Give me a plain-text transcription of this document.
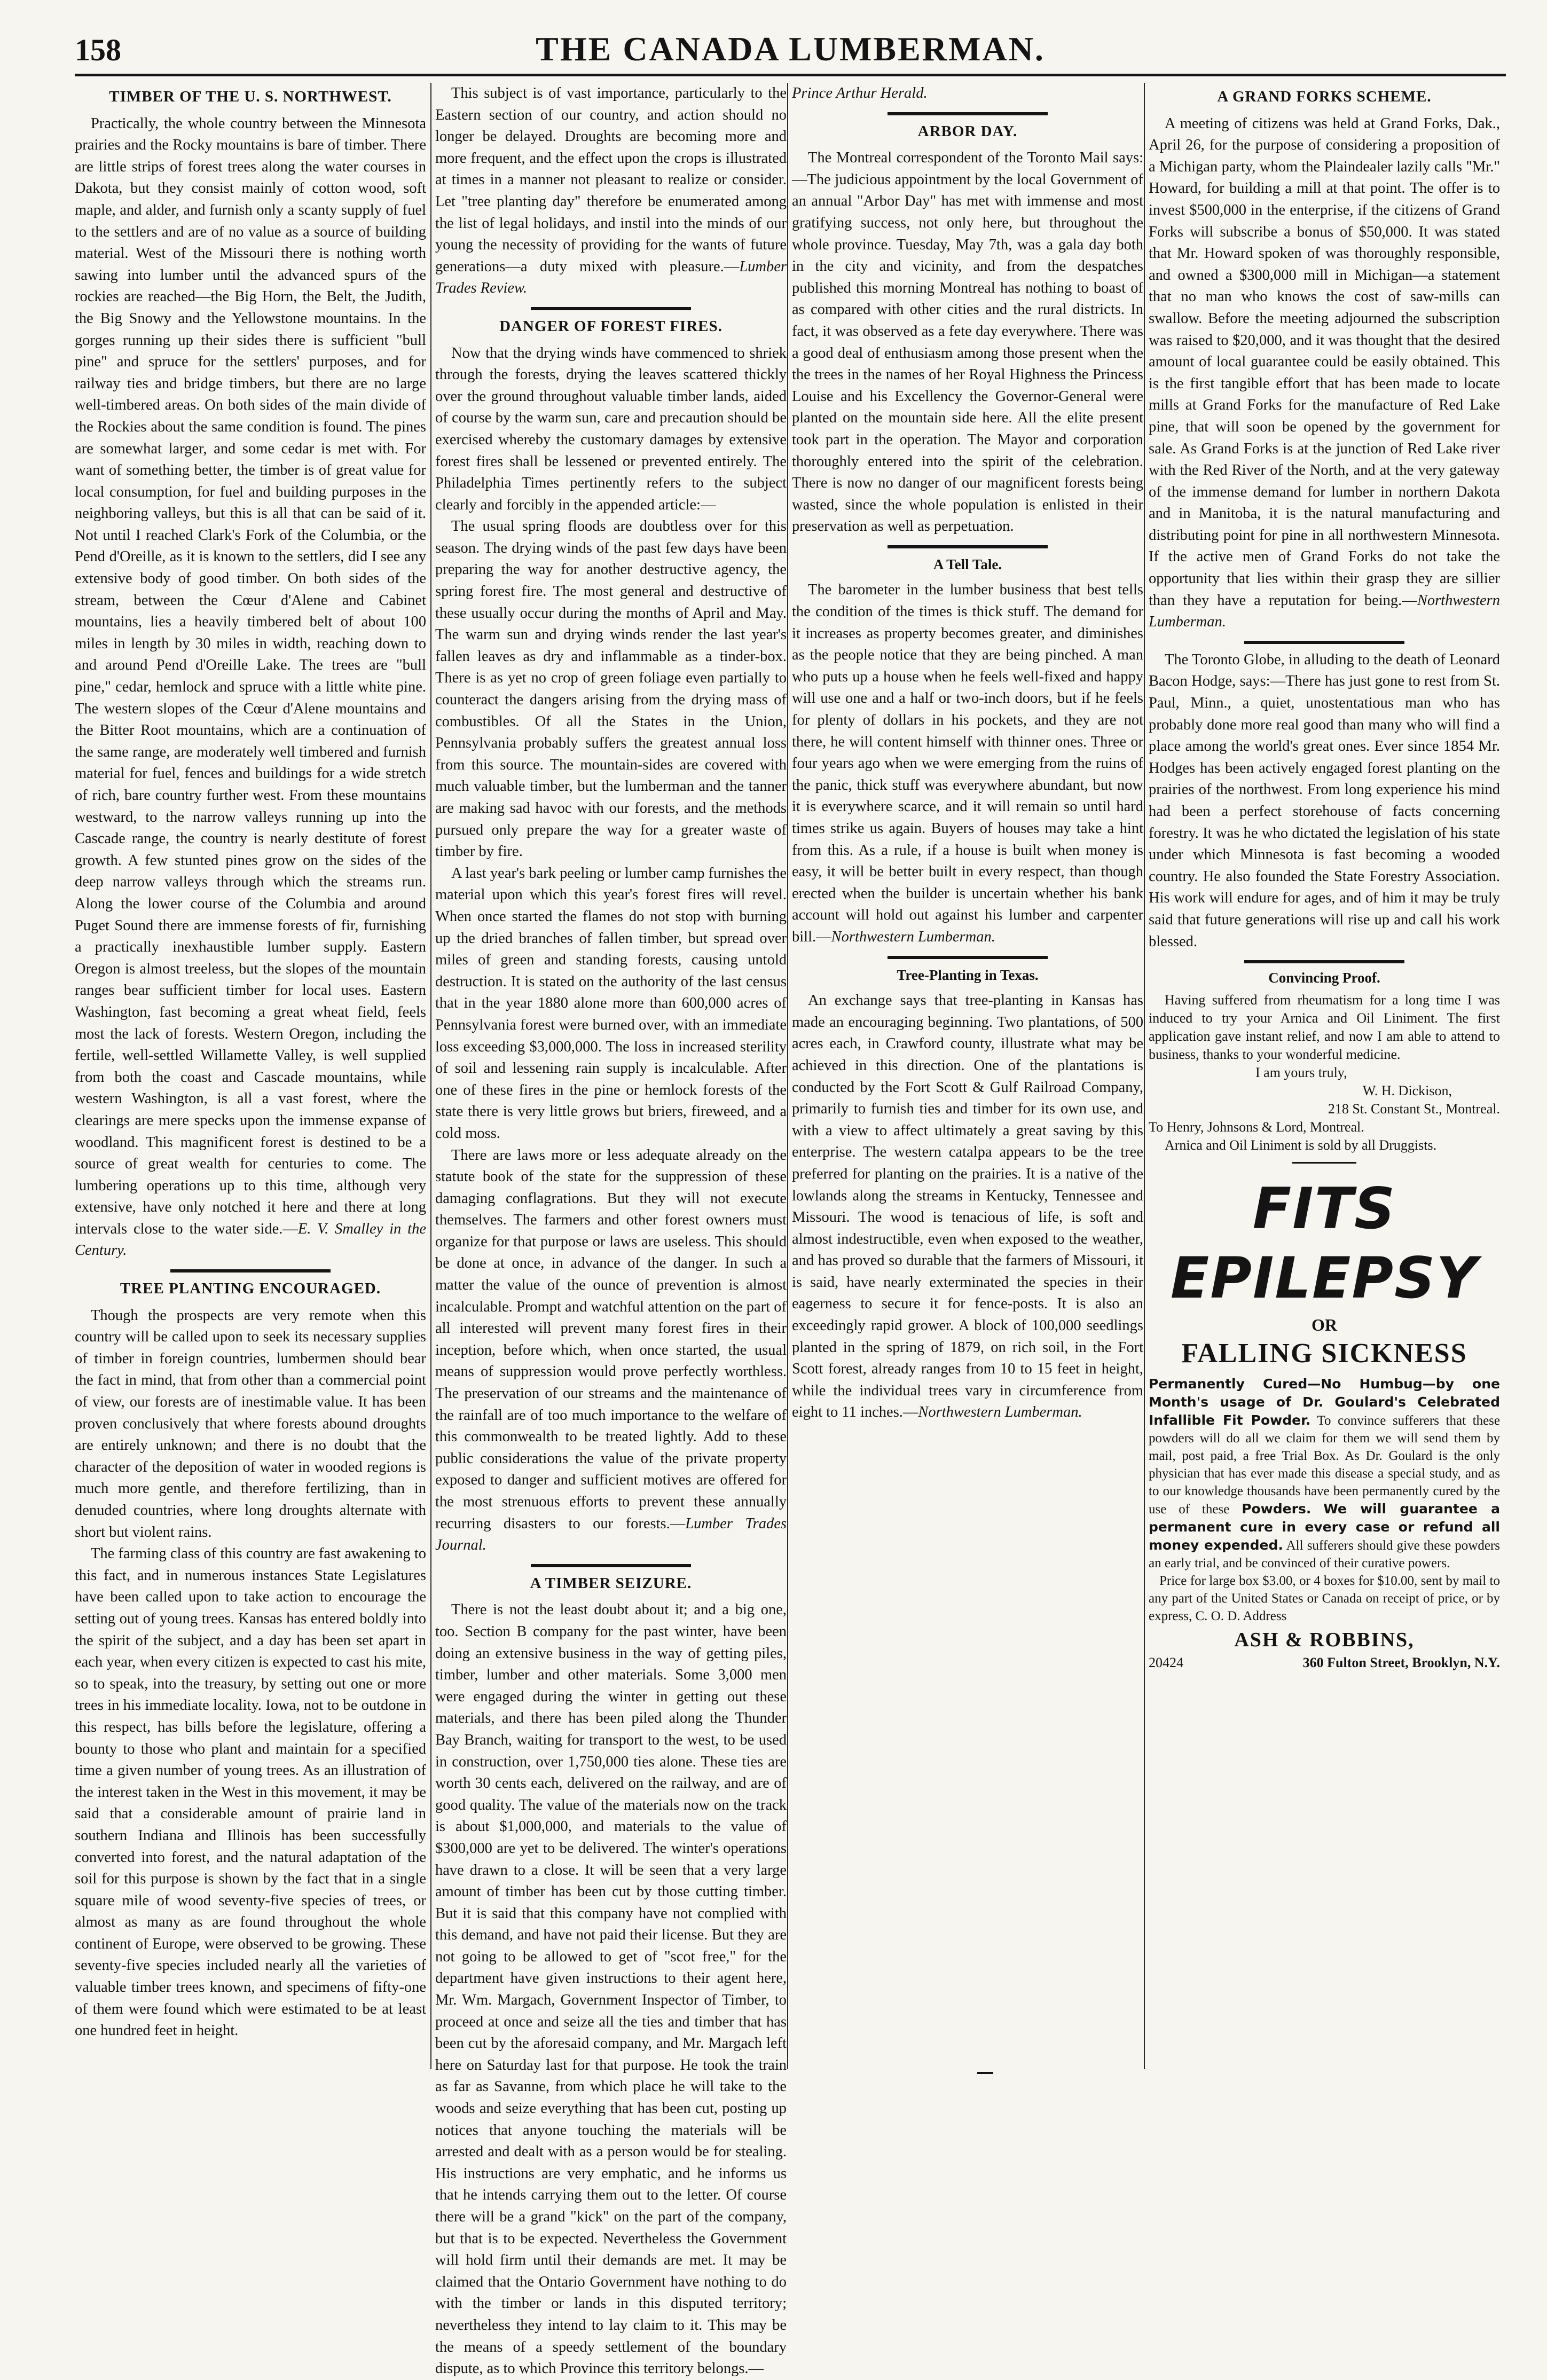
158	THE CANADA LUMBERMAN.
TIMBER OF THE U. S. NORTHWEST.

Practically, the whole country between the Minnesota prairies and the Rocky mountains is bare of timber. There are little strips of forest trees along the water courses in Dakota, but they consist mainly of cotton wood, soft maple, and alder, and furnish only a scanty supply of fuel to the settlers and are of no value as a source of building material. West of the Missouri there is nothing worth sawing into lumber until the advanced spurs of the rockies are reached—the Big Horn, the Belt, the Judith, the Big Snowy and the Yellowstone mountains. In the gorges running up their sides there is sufficient "bull pine" and spruce for the settlers' purposes, and for railway ties and bridge timbers, but there are no large well-timbered areas. On both sides of the main divide of the Rockies about the same condition is found. The pines are somewhat larger, and some cedar is met with. For want of something better, the timber is of great value for local consumption, for fuel and building purposes in the neighboring valleys, but this is all that can be said of it. Not until I reached Clark's Fork of the Columbia, or the Pend d'Oreille, as it is known to the settlers, did I see any extensive body of good timber. On both sides of the stream, between the Cœur d'Alene and Cabinet mountains, lies a heavily timbered belt of about 100 miles in length by 30 miles in width, reaching down to and around Pend d'Oreille Lake. The trees are "bull pine," cedar, hemlock and spruce with a little white pine. The western slopes of the Cœur d'Alene mountains and the Bitter Root mountains, which are a continuation of the same range, are moderately well timbered and furnish material for fuel, fences and buildings for a wide stretch of rich, bare country further west. From these mountains westward, to the narrow valleys running up into the Cascade range, the country is nearly destitute of forest growth. A few stunted pines grow on the sides of the deep narrow valleys through which the streams run. Along the lower course of the Columbia and around Puget Sound there are immense forests of fir, furnishing a practically inexhaustible lumber supply. Eastern Oregon is almost treeless, but the slopes of the mountain ranges bear sufficient timber for local uses. Eastern Washington, fast becoming a great wheat field, feels most the lack of forests. Western Oregon, including the fertile, well-settled Willamette Valley, is well supplied from both the coast and Cascade mountains, while western Washington, is all a vast forest, where the clearings are mere specks upon the immense expanse of woodland. This magnificent forest is destined to be a source of great wealth for centuries to come. The lumbering operations up to this time, although very extensive, have only notched it here and there at long intervals close to the water side.—E. V. Smalley in the Century.

TREE PLANTING ENCOURAGED.

Though the prospects are very remote when this country will be called upon to seek its necessary supplies of timber in foreign countries, lumbermen should bear the fact in mind, that from other than a commercial point of view, our forests are of inestimable value. It has been proven conclusively that where forests abound droughts are entirely unknown; and there is no doubt that the character of the deposition of water in wooded regions is much more gentle, and therefore fertilizing, than in denuded countries, where long droughts alternate with short but violent rains.

The farming class of this country are fast awakening to this fact, and in numerous instances State Legislatures have been called upon to take action to encourage the setting out of young trees. Kansas has entered boldly into the spirit of the subject, and a day has been set apart in each year, when every citizen is expected to cast his mite, so to speak, into the treasury, by setting out one or more trees in his immediate locality. Iowa, not to be outdone in this respect, has bills before the legislature, offering a bounty to those who plant and maintain for a specified time a given number of young trees. As an illustration of the interest taken in the West in this movement, it may be said that a considerable amount of prairie land in southern Indiana and Illinois has been successfully converted into forest, and the natural adaptation of the soil for this purpose is shown by the fact that in a single square mile of wood seventy-five species of trees, or almost as many as are found throughout the whole continent of Europe, were observed to be growing. These seventy-five species included nearly all the varieties of valuable timber trees known, and specimens of fifty-one of them were found which were estimated to be at least one hundred feet in height.

This subject is of vast importance, particularly to the Eastern section of our country, and action should no longer be delayed. Droughts are becoming more and more frequent, and the effect upon the crops is illustrated at times in a manner not pleasant to realize or consider. Let "tree planting day" therefore be enumerated among the list of legal holidays, and instil into the minds of our young the necessity of providing for the wants of future generations—a duty mixed with pleasure.—Lumber Trades Review.

DANGER OF FOREST FIRES.

Now that the drying winds have commenced to shriek through the forests, drying the leaves scattered thickly over the ground throughout valuable timber lands, aided of course by the warm sun, care and precaution should be exercised whereby the customary damages by extensive forest fires shall be lessened or prevented entirely. The Philadelphia Times pertinently refers to the subject clearly and forcibly in the appended article:—

The usual spring floods are doubtless over for this season. The drying winds of the past few days have been preparing the way for another destructive agency, the spring forest fire. The most general and destructive of these usually occur during the months of April and May. The warm sun and drying winds render the last year's fallen leaves as dry and inflammable as a tinder-box. There is as yet no crop of green foliage even partially to counteract the dangers arising from the drying mass of combustibles. Of all the States in the Union, Pennsylvania probably suffers the greatest annual loss from this source. The mountain-sides are covered with much valuable timber, but the lumberman and the tanner are making sad havoc with our forests, and the methods pursued only prepare the way for a greater waste of timber by fire.

A last year's bark peeling or lumber camp furnishes the material upon which this year's forest fires will revel. When once started the flames do not stop with burning up the dried branches of fallen timber, but spread over miles of green and standing forests, causing untold destruction. It is stated on the authority of the last census that in the year 1880 alone more than 600,000 acres of Pennsylvania forest were burned over, with an immediate loss exceeding $3,000,000. The loss in increased sterility of soil and lessening rain supply is incalculable. After one of these fires in the pine or hemlock forests of the state there is very little grows but briers, fireweed, and a cold moss.

There are laws more or less adequate already on the statute book of the state for the suppression of these damaging conflagrations. But they will not execute themselves. The farmers and other forest owners must organize for that purpose or laws are useless. This should be done at once, in advance of the danger. In such a matter the value of the ounce of prevention is almost incalculable. Prompt and watchful attention on the part of all interested will prevent many forest fires in their inception, before which, when once started, the usual means of suppression would prove perfectly worthless. The preservation of our streams and the maintenance of the rainfall are of too much importance to the welfare of this commonwealth to be treated lightly. Add to these public considerations the value of the private property exposed to danger and sufficient motives are offered for the most strenuous efforts to prevent these annually recurring disasters to our forests.—Lumber Trades Journal.

A TIMBER SEIZURE.

There is not the least doubt about it; and a big one, too. Section B company for the past winter, have been doing an extensive business in the way of getting piles, timber, lumber and other materials. Some 3,000 men were engaged during the winter in getting out these materials, and there has been piled along the Thunder Bay Branch, waiting for transport to the west, to be used in construction, over 1,750,000 ties alone. These ties are worth 30 cents each, delivered on the railway, and are of good quality. The value of the materials now on the track is about $1,000,000, and materials to the value of $300,000 are yet to be delivered. The winter's operations have drawn to a close. It will be seen that a very large amount of timber has been cut by those cutting timber. But it is said that this company have not complied with this demand, and have not paid their license. But they are not going to be allowed to get of "scot free," for the department have given instructions to their agent here, Mr. Wm. Margach, Government Inspector of Timber, to proceed at once and seize all the ties and timber that has been cut by the aforesaid company, and Mr. Margach left here on Saturday last for that purpose. He took the train as far as Savanne, from which place he will take to the woods and seize everything that has been cut, posting up notices that anyone touching the materials will be arrested and dealt with as a person would be for stealing. His instructions are very emphatic, and he informs us that he intends carrying them out to the letter. Of course there will be a grand "kick" on the part of the company, but that is to be expected. Nevertheless the Government will hold firm until their demands are met. It may be claimed that the Ontario Government have nothing to do with the timber or lands in this disputed territory; nevertheless they intend to lay claim to it. This may be the means of a speedy settlement of the boundary dispute, as to which Province this territory belongs.—

Prince Arthur Herald.

ARBOR DAY.

The Montreal correspondent of the Toronto Mail says:—The judicious appointment by the local Government of an annual "Arbor Day" has met with immense and most gratifying success, not only here, but throughout the whole province. Tuesday, May 7th, was a gala day both in the city and vicinity, and from the despatches published this morning Montreal has nothing to boast of as compared with other cities and the rural districts. In fact, it was observed as a fete day everywhere. There was a good deal of enthusiasm among those present when the the trees in the names of her Royal Highness the Princess Louise and his Excellency the Governor-General were planted on the mountain side here. All the elite present took part in the operation. The Mayor and corporation thoroughly entered into the spirit of the celebration. There is now no danger of our magnificent forests being wasted, since the whole population is enlisted in their preservation as well as perpetuation.

A Tell Tale.

The barometer in the lumber business that best tells the condition of the times is thick stuff. The demand for it increases as property becomes greater, and diminishes as the people notice that they are being pinched. A man who puts up a house when he feels well-fixed and happy will use one and a half or two-inch doors, but if he feels for plenty of dollars in his pockets, and they are not there, he will content himself with thinner ones. Three or four years ago when we were emerging from the ruins of the panic, thick stuff was everywhere abundant, but now it is everywhere scarce, and it will remain so until hard times strike us again. Buyers of houses may take a hint from this. As a rule, if a house is built when money is easy, it will be better built in every respect, than though erected when the builder is uncertain whether his bank account will hold out against his lumber and carpenter bill.—Northwestern Lumberman.

Tree-Planting in Texas.

An exchange says that tree-planting in Kansas has made an encouraging beginning. Two plantations, of 500 acres each, in Crawford county, illustrate what may be achieved in this direction. One of the plantations is conducted by the Fort Scott & Gulf Railroad Company, primarily to furnish ties and timber for its own use, and with a view to affect ultimately a great saving by this enterprise. The western catalpa appears to be the tree preferred for planting on the prairies. It is a native of the lowlands along the streams in Kentucky, Tennessee and Missouri. The wood is tenacious of life, is soft and almost indestructible, even when exposed to the weather, and has proved so durable that the farmers of Missouri, it is said, have nearly exterminated the species in their eagerness to secure it for fence-posts. It is also an exceedingly rapid grower. A block of 100,000 seedlings planted in the spring of 1879, on rich soil, in the Fort Scott forest, already ranges from 10 to 15 feet in height, while the individual trees vary in circumference from eight to 11 inches.—Northwestern Lumberman.

A GRAND FORKS SCHEME.

A meeting of citizens was held at Grand Forks, Dak., April 26, for the purpose of considering a proposition of a Michigan party, whom the Plaindealer lazily calls "Mr." Howard, for building a mill at that point. The offer is to invest $500,000 in the enterprise, if the citizens of Grand Forks will subscribe a bonus of $50,000. It was stated that Mr. Howard spoken of was thoroughly responsible, and owned a $300,000 mill in Michigan—a statement that no man who knows the cost of saw-mills can swallow. Before the meeting adjourned the subscription was raised to $20,000, and it was thought that the desired amount of local guarantee could be easily obtained. This is the first tangible effort that has been made to locate mills at Grand Forks for the manufacture of Red Lake pine, that will soon be opened by the government for sale. As Grand Forks is at the junction of Red Lake river with the Red River of the North, and at the very gateway of the immense demand for lumber in northern Dakota and in Manitoba, it is the natural manufacturing and distributing point for pine in all northwestern Minnesota. If the active men of Grand Forks do not take the opportunity that lies within their grasp they are sillier than they have a reputation for being.—Northwestern Lumberman.

The Toronto Globe, in alluding to the death of Leonard Bacon Hodge, says:—There has just gone to rest from St. Paul, Minn., a quiet, unostentatious man who has probably done more real good than many who will find a place among the world's great ones. Ever since 1854 Mr. Hodges has been actively engaged forest planting on the prairies of the northwest. From long experience his mind had been a perfect storehouse of facts concerning forestry. It was he who dictated the legislation of his state under which Minnesota is fast becoming a wooded country. He also founded the State Forestry Association. His work will endure for ages, and of him it may be truly said that future generations will rise up and call his work blessed.

Convincing Proof.

Having suffered from rheumatism for a long time I was induced to try your Arnica and Oil Liniment. The first application gave instant relief, and now I am able to attend to business, thanks to your wonderful medicine.

I am yours truly,

W. H. Dickison,

218 St. Constant St., Montreal.

To Henry, Johnsons & Lord, Montreal.

Arnica and Oil Liniment is sold by all Druggists.

FITS EPILEPSY
OR
FALLING SICKNESS
Permanently Cured—No Humbug—by one Month's usage of Dr. Goulard's Celebrated Infallible Fit Powder. To convince sufferers that these powders will do all we claim for them we will send them by mail, post paid, a free Trial Box. As Dr. Goulard is the only physician that has ever made this disease a special study, and as to our knowledge thousands have been permanently cured by the use of these Powders. We will guarantee a permanent cure in every case or refund all money expended. All sufferers should give these powders an early trial, and be convinced of their curative powers.
Price for large box $3.00, or 4 boxes for $10.00, sent by mail to any part of the United States or Canada on receipt of price, or by express, C. O. D. Address
ASH & ROBBINS,
20424	360 Fulton Street, Brooklyn, N.Y.
